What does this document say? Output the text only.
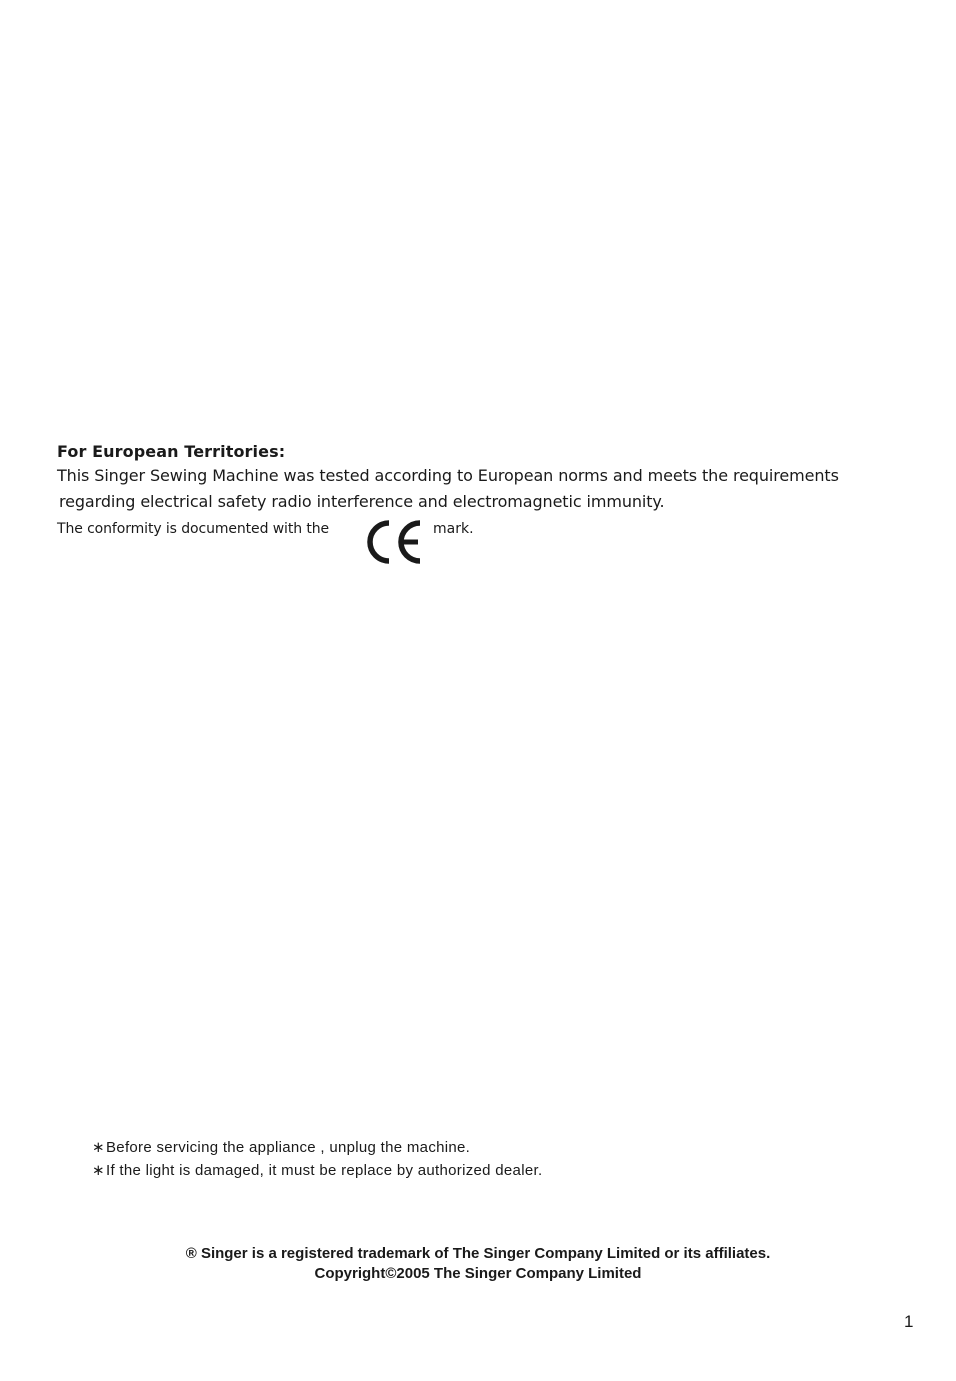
For European Territories:

This Singer Sewing Machine was tested according to European norms and meets the requirements
regarding electrical safety radio interference and electromagnetic immunity.

The conformity is documented with the	mark.
∗Before servicing the appliance , unplug the machine.
∗If the light is damaged, it must be replace by authorized dealer.
® Singer is a registered trademark of The Singer Company Limited or its affiliates.
Copyright©2005 The Singer Company Limited
1
